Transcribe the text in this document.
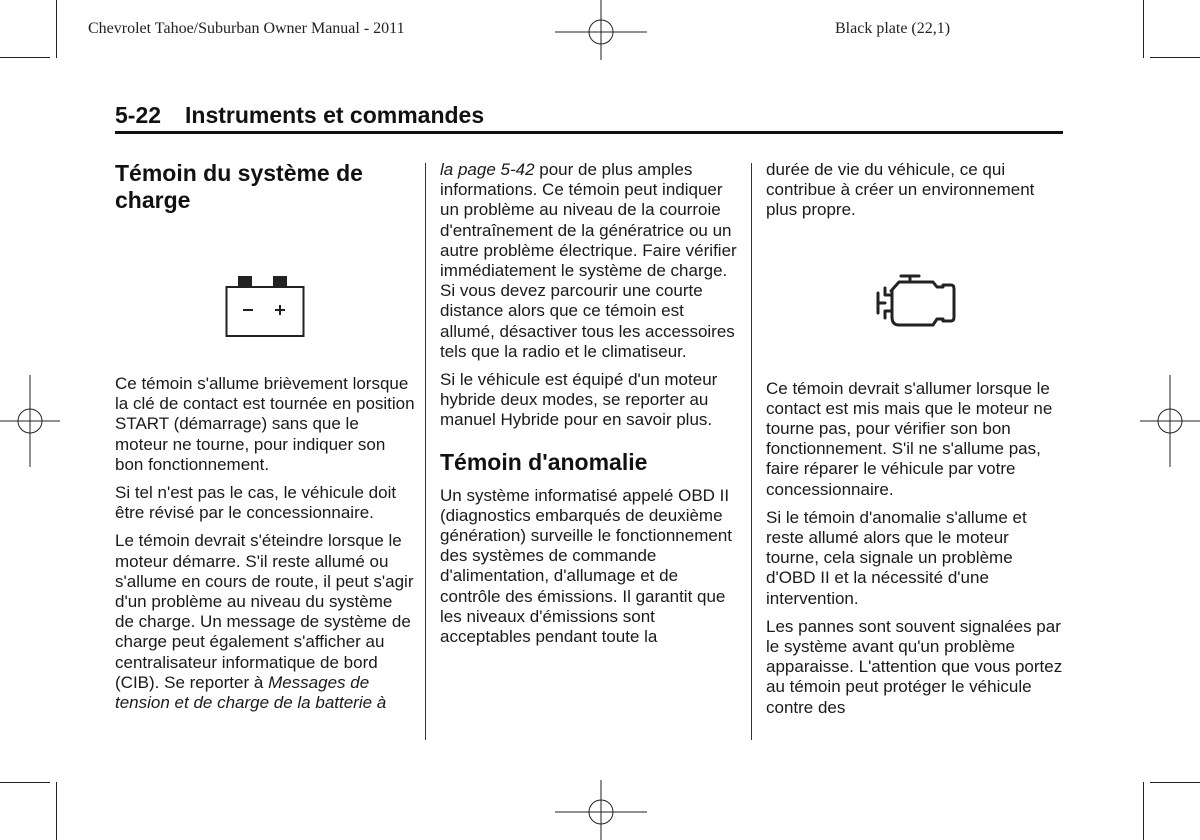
Chevrolet Tahoe/Suburban Owner Manual - 2011	Black plate (22,1)
5-22 Instruments et commandes
Témoin du système de charge

Ce témoin s'allume brièvement lorsque la clé de contact est tournée en position START (démarrage) sans que le moteur ne tourne, pour indiquer son bon fonctionnement.

Si tel n'est pas le cas, le véhicule doit être révisé par le concessionnaire.

Le témoin devrait s'éteindre lorsque le moteur démarre. S'il reste allumé ou s'allume en cours de route, il peut s'agir d'un problème au niveau du système de charge. Un message de système de charge peut également s'afficher au centralisateur informatique de bord (CIB). Se reporter à Messages de tension et de charge de la batterie à

la page 5-42 pour de plus amples informations. Ce témoin peut indiquer un problème au niveau de la courroie d'entraînement de la génératrice ou un autre problème électrique. Faire vérifier immédiatement le système de charge. Si vous devez parcourir une courte distance alors que ce témoin est allumé, désactiver tous les accessoires tels que la radio et le climatiseur.

Si le véhicule est équipé d'un moteur hybride deux modes, se reporter au manuel Hybride pour en savoir plus.

Témoin d'anomalie

Un système informatisé appelé OBD II (diagnostics embarqués de deuxième génération) surveille le fonctionnement des systèmes de commande d'alimentation, d'allumage et de contrôle des émissions. Il garantit que les niveaux d'émissions sont acceptables pendant toute la

durée de vie du véhicule, ce qui contribue à créer un environnement plus propre.

Ce témoin devrait s'allumer lorsque le contact est mis mais que le moteur ne tourne pas, pour vérifier son bon fonctionnement. S'il ne s'allume pas, faire réparer le véhicule par votre concessionnaire.

Si le témoin d'anomalie s'allume et reste allumé alors que le moteur tourne, cela signale un problème d'OBD II et la nécessité d'une intervention.

Les pannes sont souvent signalées par le système avant qu'un problème apparaisse. L'attention que vous portez au témoin peut protéger le véhicule contre des
